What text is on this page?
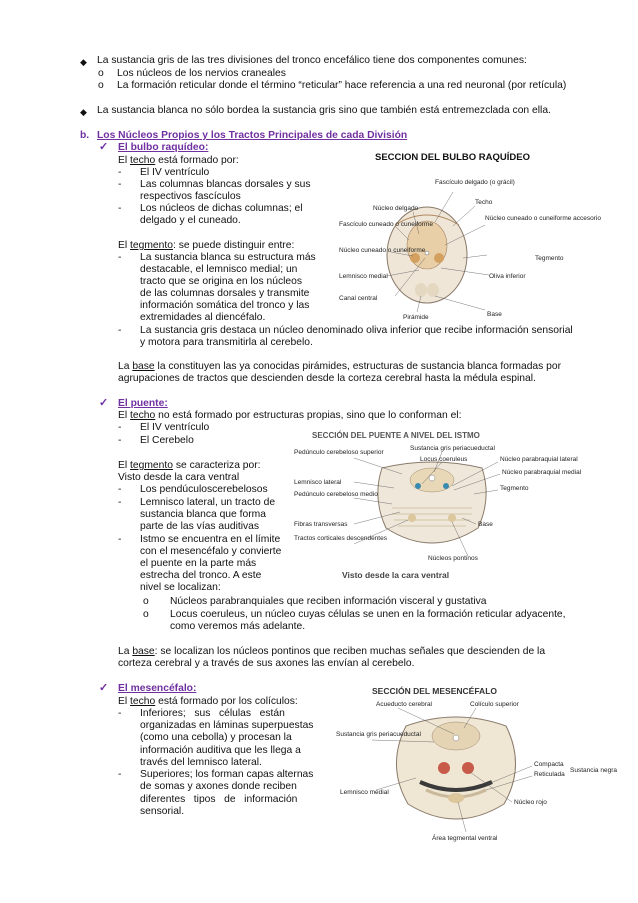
◆ La sustancia gris de las tres divisiones del tronco encefálico tiene dos componentes comunes:
o Los núcleos de los nervios craneales
o La formación reticular donde el término “reticular” hace referencia a una red neuronal (por retícula)
◆ La sustancia blanca no sólo bordea la sustancia gris sino que también está entremezclada con ella.
b. Los Núcleos Propios y los Tractos Principales de cada División
✓ El bulbo raquídeo:
El techo está formado por:
- El IV ventrículo
- Las columnas blancas dorsales y sus
respectivos fascículos
- Los núcleos de dichas columnas; el
delgado y el cuneado.
El tegmento: se puede distinguir entre:
- La sustancia blanca su estructura más
destacable, el lemnisco medial; un
tracto que se origina en los núcleos
de las columnas dorsales y transmite
información somática del tronco y las
extremidades al diencéfalo.
- La sustancia gris destaca un núcleo denominado oliva inferior que recibe información sensorial
y motora para transmitirla al cerebelo.
La base la constituyen las ya conocidas pirámides, estructuras de sustancia blanca formadas por
agrupaciones de tractos que descienden desde la corteza cerebral hasta la médula espinal.
SECCION DEL BULBO RAQUÍDEO
Fascículo delgado (o grácil)
Techo
Núcleo delgado
Núcleo cuneado o cuneiforme accesorio
Fascículo cuneado o cuneiforme
Núcleo cuneado o cuneiforme
Tegmento
Lemnisco medial	Oliva inferior
Canal central
Pirámide	Base
✓ El puente:
El techo no está formado por estructuras propias, sino que lo conforman el:
- El IV ventrículo
- El Cerebelo
El tegmento se caracteriza por:
Visto desde la cara ventral
- Los pendúculoscerebelosos
- Lemnisco lateral, un tracto de
sustancia blanca que forma
parte de las vías auditivas
- Istmo se encuentra en el límite
con el mesencéfalo y convierte
el puente en la parte más
estrecha del tronco. A este
nivel se localizan:
o Núcleos parabranquiales que reciben información visceral y gustativa
o Locus coeruleus, un núcleo cuyas células se unen en la formación reticular adyacente,
como veremos más adelante.
La base: se localizan los núcleos pontinos que reciben muchas señales que descienden de la
corteza cerebral y a través de sus axones las envían al cerebelo.
SECCIÓN DEL PUENTE A NIVEL DEL ISTMO
Sustancia gris periacueductal
Pedúnculo cerebeloso superior
Locus coeruleus	Núcleo parabraquial lateral
Lemnisco lateral
Núcleo parabraquial medial
Pedúnculo cerebeloso medio
Tegmento
Fibras transversas	Base
Tractos corticales descendentes
Núcleos pontinos
Visto desde la cara ventral
✓ El mesencéfalo:
El techo está formado por los colículos:
- Inferiores;   sus   células   están
organizadas en láminas superpuestas
(como una cebolla) y procesan la
información auditiva que les llega a
través del lemnisco lateral.
- Superiores; los forman capas alternas
de somas y axones donde reciben
diferentes   tipos   de   información
sensorial.
SECCIÓN DEL MESENCÉFALO
Acueducto cerebral	Colículo superior
Sustancia gris periacueductal
Compacta
Reticulada
Sustancia negra
Lemnisco medial
Núcleo rojo
Área tegmental ventral
